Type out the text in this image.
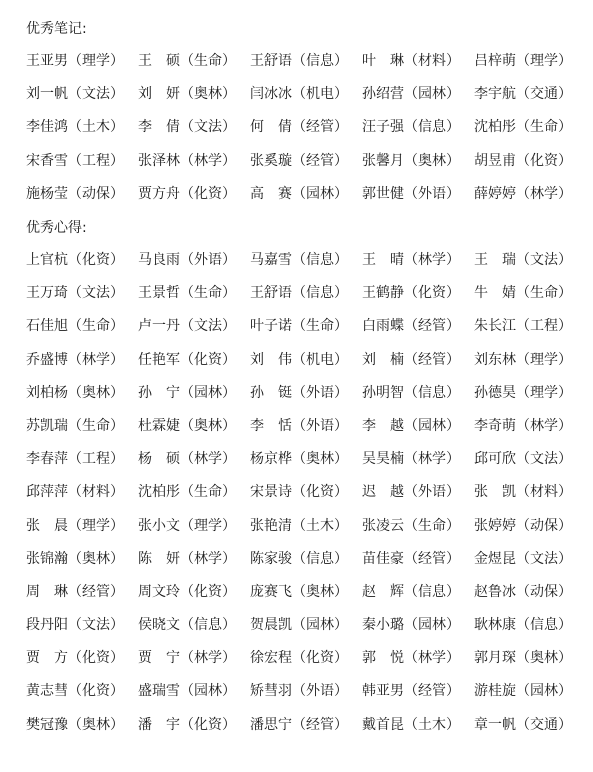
优秀笔记:
王亚男（理学）	王　硕（生命）	王舒语（信息）	叶　琳（材料）	吕梓萌（理学）
刘一帆（文法）	刘　妍（奥林）	闫冰冰（机电）	孙绍营（园林）	李宇航（交通）
李佳鸿（土木）	李　倩（文法）	何　倩（经管）	汪子强（信息）	沈柏彤（生命）
宋香雪（工程）	张泽林（林学）	张奚璇（经管）	张馨月（奥林）	胡昱甫（化资）
施杨莹（动保）	贾方舟（化资）	高　赛（园林）	郭世健（外语）	薛婷婷（林学）
优秀心得:
上官杭（化资）	马良雨（外语）	马嘉雪（信息）	王　晴（林学）	王　瑞（文法）
王万琦（文法）	王景哲（生命）	王舒语（信息）	王鹤静（化资）	牛　婧（生命）
石佳旭（生命）	卢一丹（文法）	叶子诺（生命）	白雨蝶（经管）	朱长江（工程）
乔盛博（林学）	任艳军（化资）	刘　伟（机电）	刘　楠（经管）	刘东林（理学）
刘柏杨（奥林）	孙　宁（园林）	孙　铤（外语）	孙明智（信息）	孙德昊（理学）
苏凯瑞（生命）	杜霖婕（奥林）	李　恬（外语）	李　越（园林）	李奇萌（林学）
李春萍（工程）	杨　硕（林学）	杨京桦（奥林）	吴昊楠（林学）	邱可欣（文法）
邱萍萍（材料）	沈柏彤（生命）	宋景诗（化资）	迟　越（外语）	张　凯（材料）
张　晨（理学）	张小文（理学）	张艳清（土木）	张凌云（生命）	张婷婷（动保）
张锦瀚（奥林）	陈　妍（林学）	陈家骏（信息）	苗佳豪（经管）	金煜昆（文法）
周　琳（经管）	周文玲（化资）	庞赛飞（奥林）	赵　辉（信息）	赵鲁冰（动保）
段丹阳（文法）	侯晓文（信息）	贺晨凯（园林）	秦小璐（园林）	耿林康（信息）
贾　方（化资）	贾　宁（林学）	徐宏程（化资）	郭　悦（林学）	郭月琛（奥林）
黄志彗（化资）	盛瑞雪（园林）	矫彗羽（外语）	韩亚男（经管）	游桂旋（园林）
樊冠豫（奥林）	潘　宇（化资）	潘思宁（经管）	戴首昆（土木）	章一帆（交通）
